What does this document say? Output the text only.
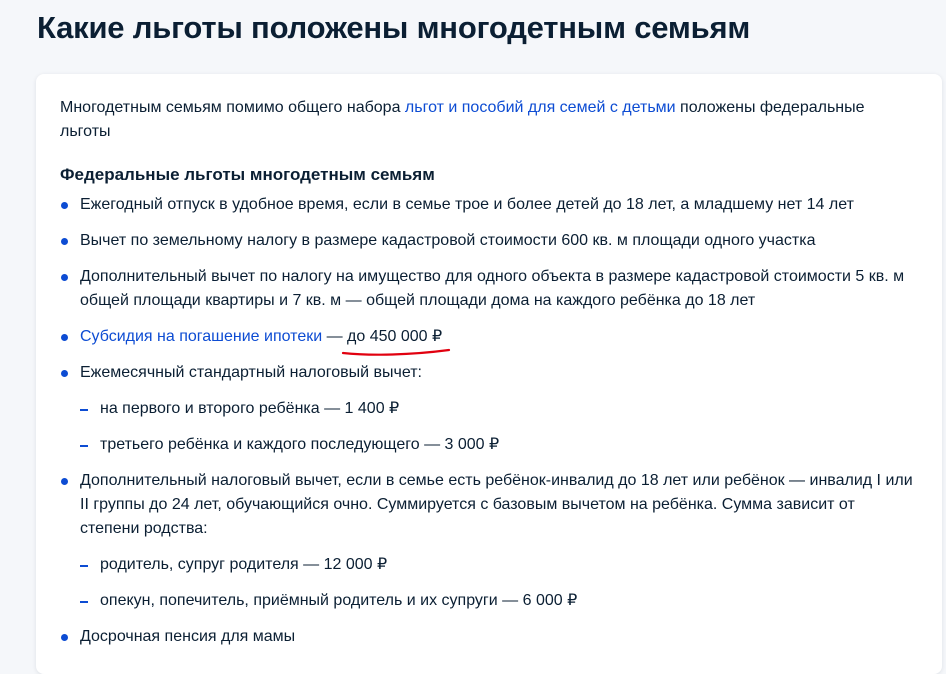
Какие льготы положены многодетным семьям

Многодетным семьям помимо общего набора льгот и пособий для семей с детьми положены федеральные льготы

Федеральные льготы многодетным семьям
Ежегодный отпуск в удобное время, если в семье трое и более детей до 18 лет, а младшему нет 14 лет
Вычет по земельному налогу в размере кадастровой стоимости 600 кв. м площади одного участка
Дополнительный вычет по налогу на имущество для одного объекта в размере кадастровой стоимости 5 кв. м общей площади квартиры и 7 кв. м — общей площади дома на каждого ребёнка до 18 лет
Субсидия на погашение ипотеки — до 450 000 ₽
Ежемесячный стандартный налоговый вычет:
на первого и второго ребёнка — 1 400 ₽
третьего ребёнка и каждого последующего — 3 000 ₽
Дополнительный налоговый вычет, если в семье есть ребёнок-инвалид до 18 лет или ребёнок — инвалид I или II группы до 24 лет, обучающийся очно. Суммируется с базовым вычетом на ребёнка. Сумма зависит от степени родства:
родитель, супруг родителя — 12 000 ₽
опекун, попечитель, приёмный родитель и их супруги — 6 000 ₽
Досрочная пенсия для мамы
